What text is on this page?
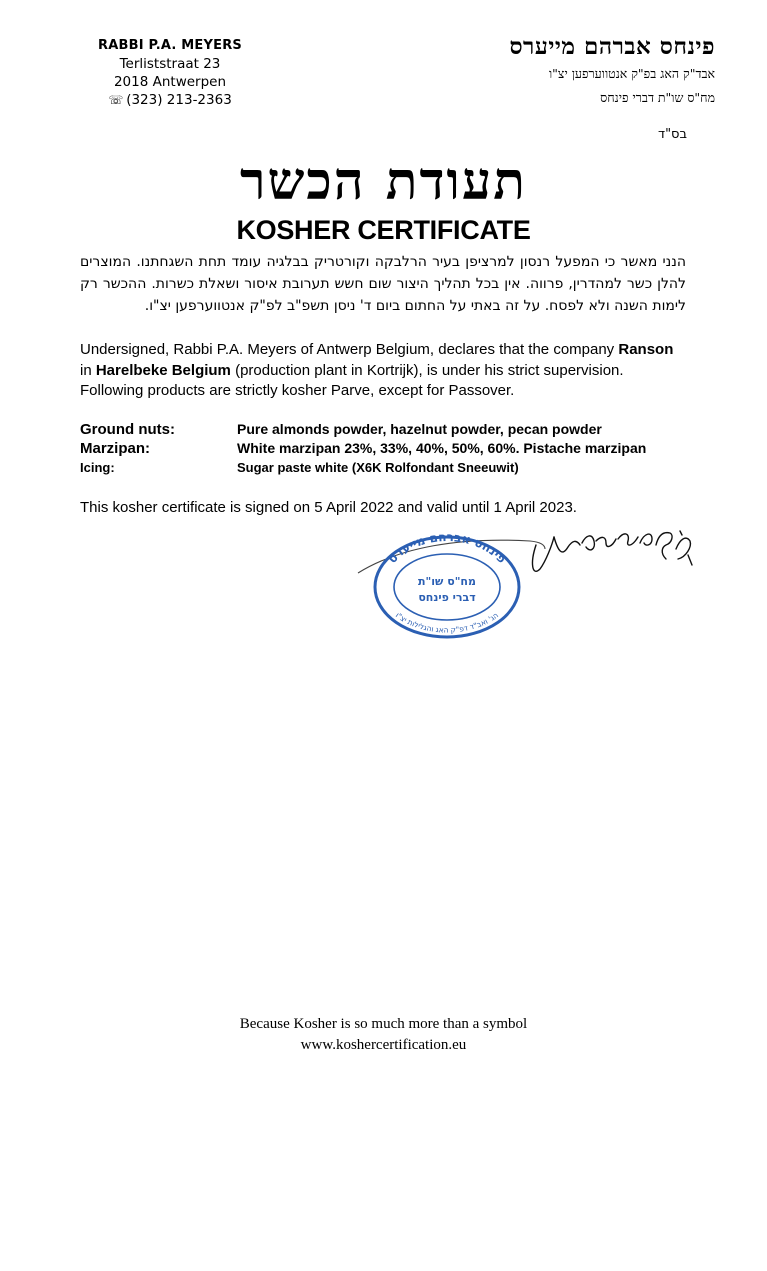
RABBI P.A. MEYERS
Terliststraat 23
2018 Antwerpen
☏ (323) 213-2363
פינחס אברהם מייערס
אבד"ק האג בפ"ק אנטווערפען יצ"ו
מח"ס שו"ת דברי פינחס
בס"ד
תעודת הכשר
KOSHER CERTIFICATE
הנני מאשר כי המפעל רנסון למרציפן בעיר הרלבקה וקורטריק בבלגיה עומד תחת השגחתנו. המוצרים להלן כשר למהדרין, פרווה. אין בכל תהליך היצור שום חשש תערובת איסור ושאלת כשרות. ההכשר רק לימות השנה ולא לפסח. על זה באתי על החתום ביום ד' ניסן תשפ"ב לפ"ק אנטווערפען יצ"ו.
Undersigned, Rabbi P.A. Meyers of Antwerp Belgium, declares that the company Ranson in Harelbeke Belgium (production plant in Kortrijk), is under his strict supervision. Following products are strictly kosher Parve, except for Passover.
Ground nuts:	Pure almonds powder, hazelnut powder, pecan powder
Marzipan:	White marzipan 23%, 33%, 40%, 50%, 60%. Pistache marzipan
Icing:	Sugar paste white (X6K Rolfondant Sneeuwit)
This kosher certificate is signed on 5 April 2022 and valid until 1 April 2023.
פינחס אברהם מייערס
מח"ס שו"ת
דברי פינחס
הג' ואב"ד דפ"ק האג והגלילות יצ"ו
Because Kosher is so much more than a symbol
www.koshercertification.eu
